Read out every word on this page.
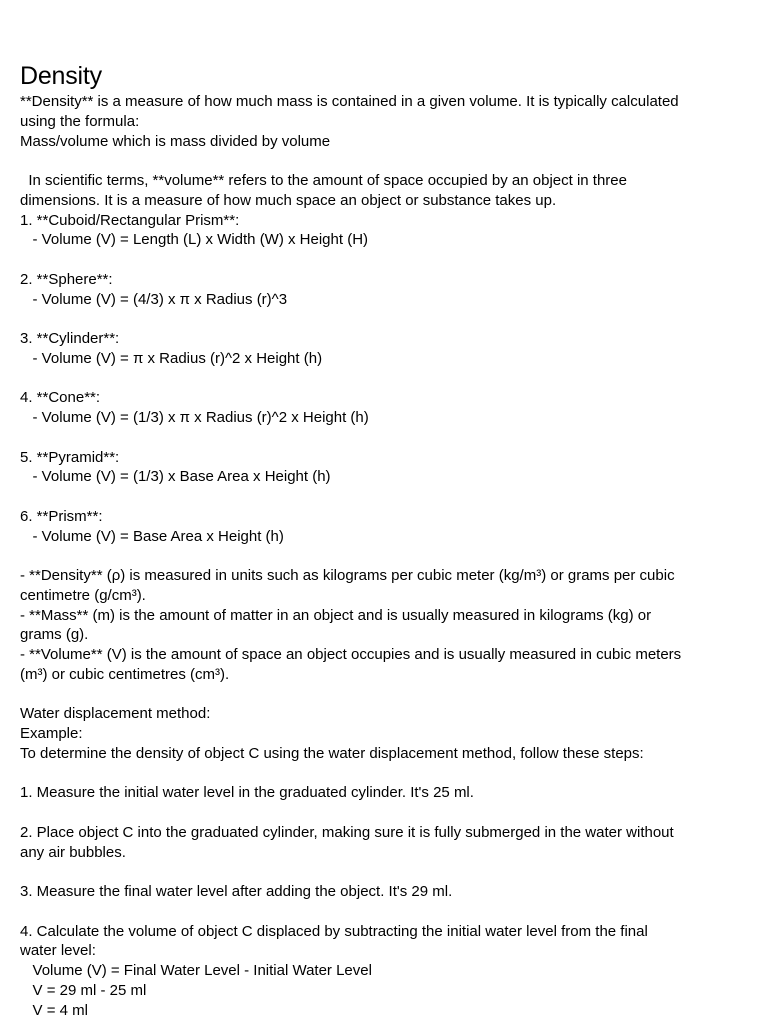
Density
**Density** is a measure of how much mass is contained in a given volume. It is typically calculated
using the formula:
Mass/volume which is mass divided by volume
In scientific terms, **volume** refers to the amount of space occupied by an object in three
dimensions. It is a measure of how much space an object or substance takes up.
1. **Cuboid/Rectangular Prism**:
- Volume (V) = Length (L) x Width (W) x Height (H)
2. **Sphere**:
- Volume (V) = (4/3) x π x Radius (r)^3
3. **Cylinder**:
- Volume (V) = π x Radius (r)^2 x Height (h)
4. **Cone**:
- Volume (V) = (1/3) x π x Radius (r)^2 x Height (h)
5. **Pyramid**:
- Volume (V) = (1/3) x Base Area x Height (h)
6. **Prism**:
- Volume (V) = Base Area x Height (h)
- **Density** (ρ) is measured in units such as kilograms per cubic meter (kg/m³) or grams per cubic
centimetre (g/cm³).
- **Mass** (m) is the amount of matter in an object and is usually measured in kilograms (kg) or
grams (g).
- **Volume** (V) is the amount of space an object occupies and is usually measured in cubic meters
(m³) or cubic centimetres (cm³).
Water displacement method:
Example:
To determine the density of object C using the water displacement method, follow these steps:
1. Measure the initial water level in the graduated cylinder. It's 25 ml.
2. Place object C into the graduated cylinder, making sure it is fully submerged in the water without
any air bubbles.
3. Measure the final water level after adding the object. It's 29 ml.
4. Calculate the volume of object C displaced by subtracting the initial water level from the final
water level:
Volume (V) = Final Water Level - Initial Water Level
V = 29 ml - 25 ml
V = 4 ml
